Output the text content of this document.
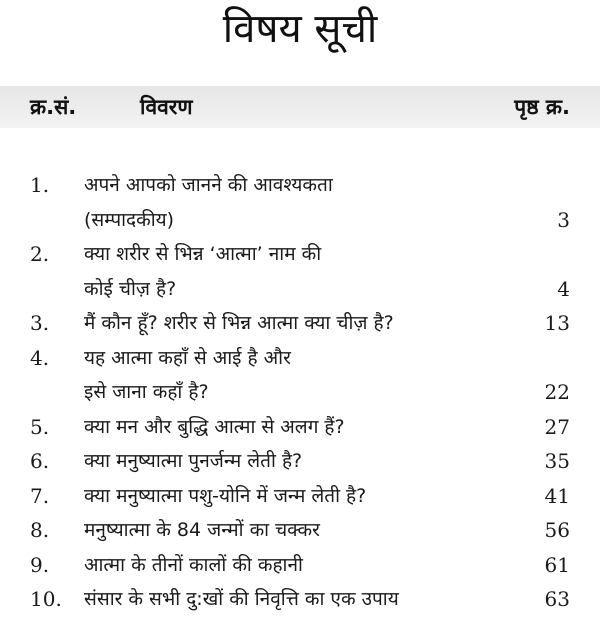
विषय सूची
क्र.सं.	विवरण	पृष्ठ क्र.
1. अपने आपको जानने की आवश्यकता
(सम्पादकीय)	3
2. क्या शरीर से भिन्न ‘आत्मा’ नाम की
कोई चीज़ है?	4
3. मैं कौन हूँ? शरीर से भिन्न आत्मा क्या चीज़ है?	13
4. यह आत्मा कहाँ से आई है और
इसे जाना कहाँ है?	22
5. क्या मन और बुद्धि आत्मा से अलग हैं?	27
6. क्या मनुष्यात्मा पुनर्जन्म लेती है?	35
7. क्या मनुष्यात्मा पशु-योनि में जन्म लेती है?	41
8. मनुष्यात्मा के 84 जन्मों का चक्कर	56
9. आत्मा के तीनों कालों की कहानी	61
10. संसार के सभी दु:खों की निवृत्ति का एक उपाय	63
